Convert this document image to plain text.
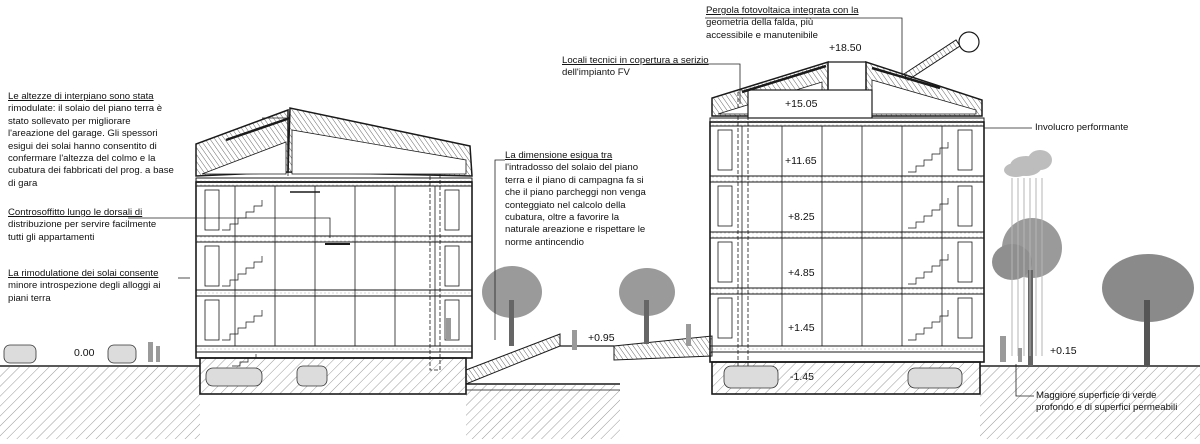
Le altezze di interpiano sono stata
rimodulate: il solaio del piano terra è
stato sollevato per migliorare
l'areazione del garage. Gli spessori
esigui dei solai hanno consentito di
confermare l'altezza del colmo e la
cubatura dei fabbricati del prog. a base
di gara
Controsoffitto lungo le dorsali di
distribuzione per servire facilmente
tutti gli appartamenti
La rimodulatione dei solai consente
minore introspezione degli alloggi ai
piani terra
La dimensione esigua tra
l'intradosso del solaio del piano
terra e il piano di campagna fa si
che il piano parcheggi non venga
conteggiato nel calcolo della
cubatura, oltre a favorire la
naturale areazione e rispettare le
norme antincendio
Locali tecnici in copertura a serizio
dell'impianto FV
Pergola fotovoltaica integrata con la
geometria della falda, più
accessibile e manutenibile
Involucro performante
Maggiore superficie di verde
profondo e di superfici permeabili
0.00
+0.95
+0.15
-1.45
+1.45
+4.85
+8.25
+11.65
+15.05
+18.50
